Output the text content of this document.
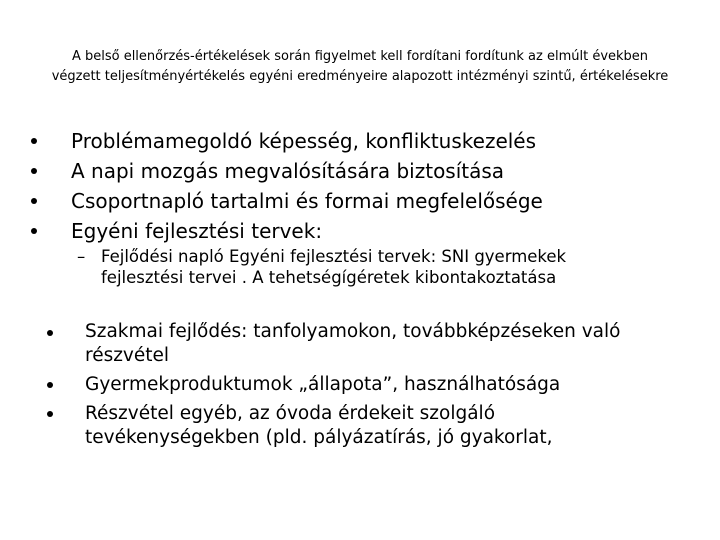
A belső ellenőrzés-értékelések során figyelmet kell fordítani fordítunk az elmúlt években
végzett teljesítményértékelés egyéni eredményeire alapozott intézményi szintű, értékelésekre
Problémamegoldó képesség, konfliktuskezelés
A napi mozgás megvalósítására biztosítása
Csoportnapló tartalmi és formai megfelelősége
Egyéni fejlesztési tervek:
– Fejlődési napló Egyéni fejlesztési tervek: SNI gyermekek
fejlesztési tervei . A tehetségígéretek kibontakoztatása
Szakmai fejlődés: tanfolyamokon, továbbképzéseken való
részvétel
Gyermekproduktumok „állapota”, használhatósága
Részvétel egyéb, az óvoda érdekeit szolgáló
tevékenységekben (pld. pályázatírás, jó gyakorlat,
